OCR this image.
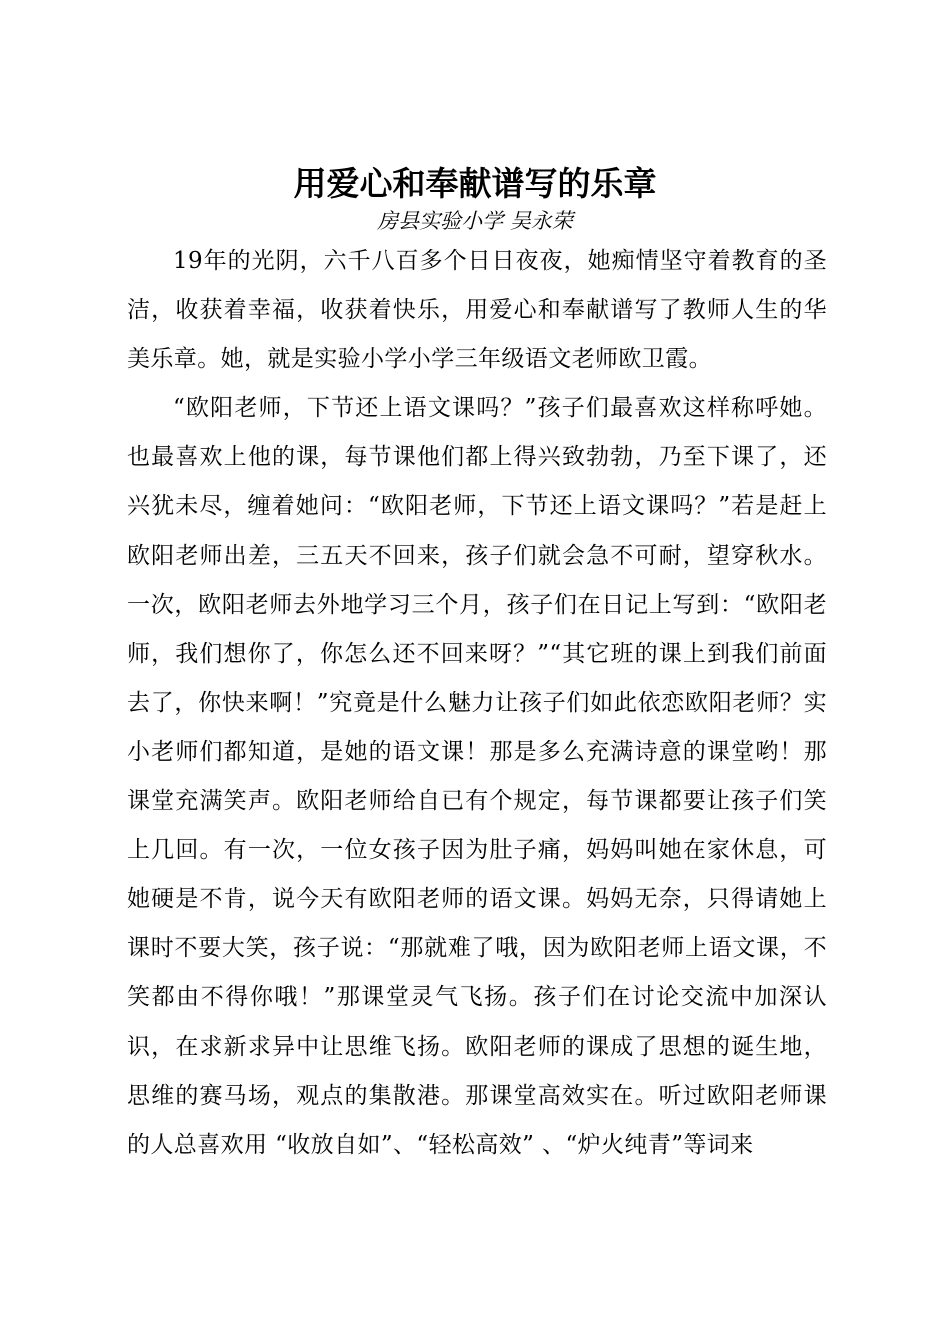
用爱心和奉献谱写的乐章

房县实验小学 吴永荣

19年的光阴，六千八百多个日日夜夜，她痴情坚守着教育的圣洁，收获着幸福，收获着快乐，用爱心和奉献谱写了教师人生的华美乐章。她，就是实验小学小学三年级语文老师欧卫霞。

“欧阳老师，下节还上语文课吗？”孩子们最喜欢这样称呼她。也最喜欢上他的课，每节课他们都上得兴致勃勃，乃至下课了，还兴犹未尽，缠着她问：“欧阳老师，下节还上语文课吗？”若是赶上欧阳老师出差，三五天不回来，孩子们就会急不可耐，望穿秋水。一次，欧阳老师去外地学习三个月，孩子们在日记上写到：“欧阳老师，我们想你了，你怎么还不回来呀？”“其它班的课上到我们前面去了，你快来啊！”究竟是什么魅力让孩子们如此依恋欧阳老师？实小老师们都知道，是她的语文课！那是多么充满诗意的课堂哟！那课堂充满笑声。欧阳老师给自已有个规定，每节课都要让孩子们笑上几回。有一次，一位女孩子因为肚子痛，妈妈叫她在家休息，可她硬是不肯，说今天有欧阳老师的语文课。妈妈无奈，只得请她上课时不要大笑，孩子说：“那就难了哦，因为欧阳老师上语文课，不笑都由不得你哦！”那课堂灵气飞扬。孩子们在讨论交流中加深认识，在求新求异中让思维飞扬。欧阳老师的课成了思想的诞生地，思维的赛马场，观点的集散港。那课堂高效实在。听过欧阳老师课的人总喜欢用 “收放自如”、“轻松高效” 、“炉火纯青”等词来
